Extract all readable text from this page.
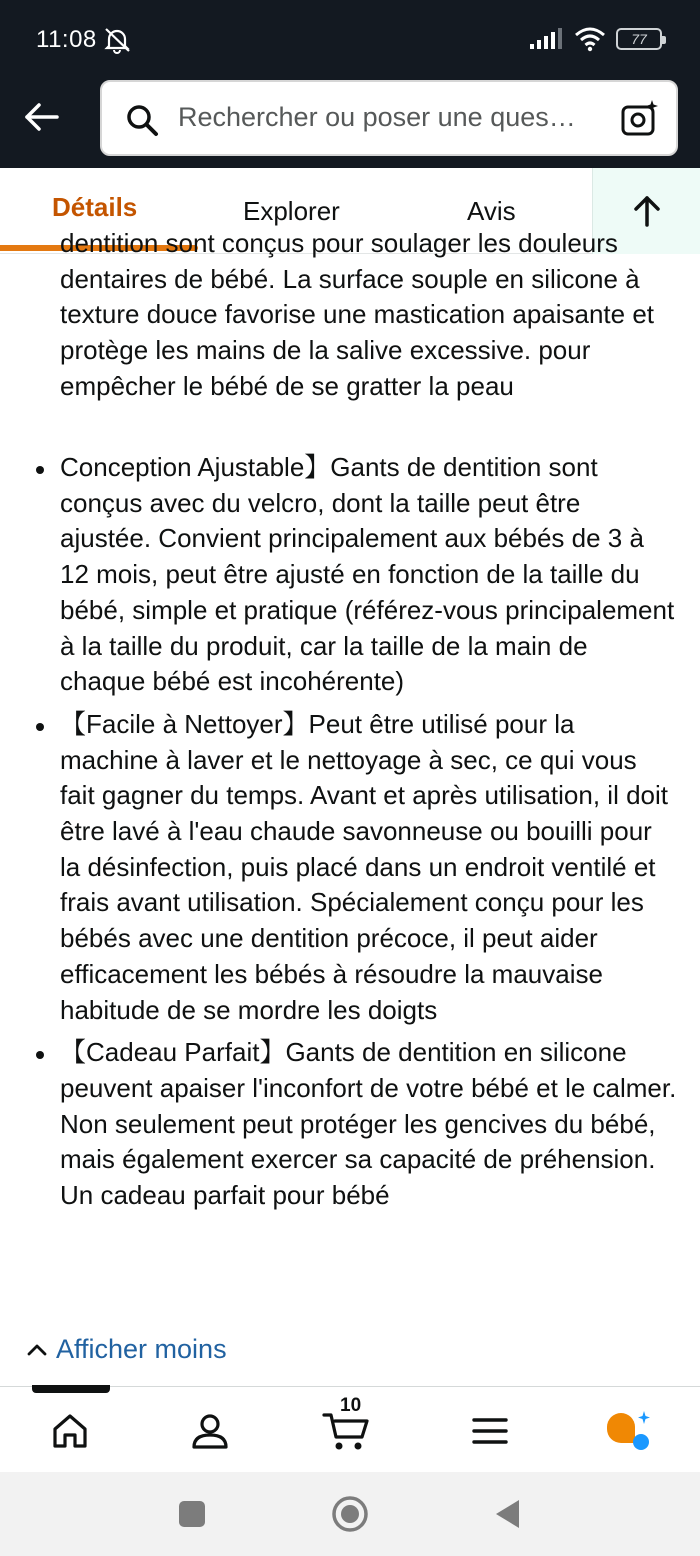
11:08	77
Rechercher ou poser une ques…
Détails	Explorer	Avis
dentition sont conçus pour soulager les douleurs dentaires de bébé. La surface souple en silicone à texture douce favorise une mastication apaisante et protège les mains de la salive excessive. pour empêcher le bébé de se gratter la peau
Conception Ajustable】Gants de dentition sont conçus avec du velcro, dont la taille peut être ajustée. Convient principalement aux bébés de 3 à 12 mois, peut être ajusté en fonction de la taille du bébé, simple et pratique (référez-vous principalement à la taille du produit, car la taille de la main de chaque bébé est incohérente)
【Facile à Nettoyer】Peut être utilisé pour la machine à laver et le nettoyage à sec, ce qui vous fait gagner du temps. Avant et après utilisation, il doit être lavé à l'eau chaude savonneuse ou bouilli pour la désinfection, puis placé dans un endroit ventilé et frais avant utilisation. Spécialement conçu pour les bébés avec une dentition précoce, il peut aider efficacement les bébés à résoudre la mauvaise habitude de se mordre les doigts
【Cadeau Parfait】Gants de dentition en silicone peuvent apaiser l'inconfort de votre bébé et le calmer. Non seulement peut protéger les gencives du bébé, mais également exercer sa capacité de préhension. Un cadeau parfait pour bébé
Afficher moins
10
